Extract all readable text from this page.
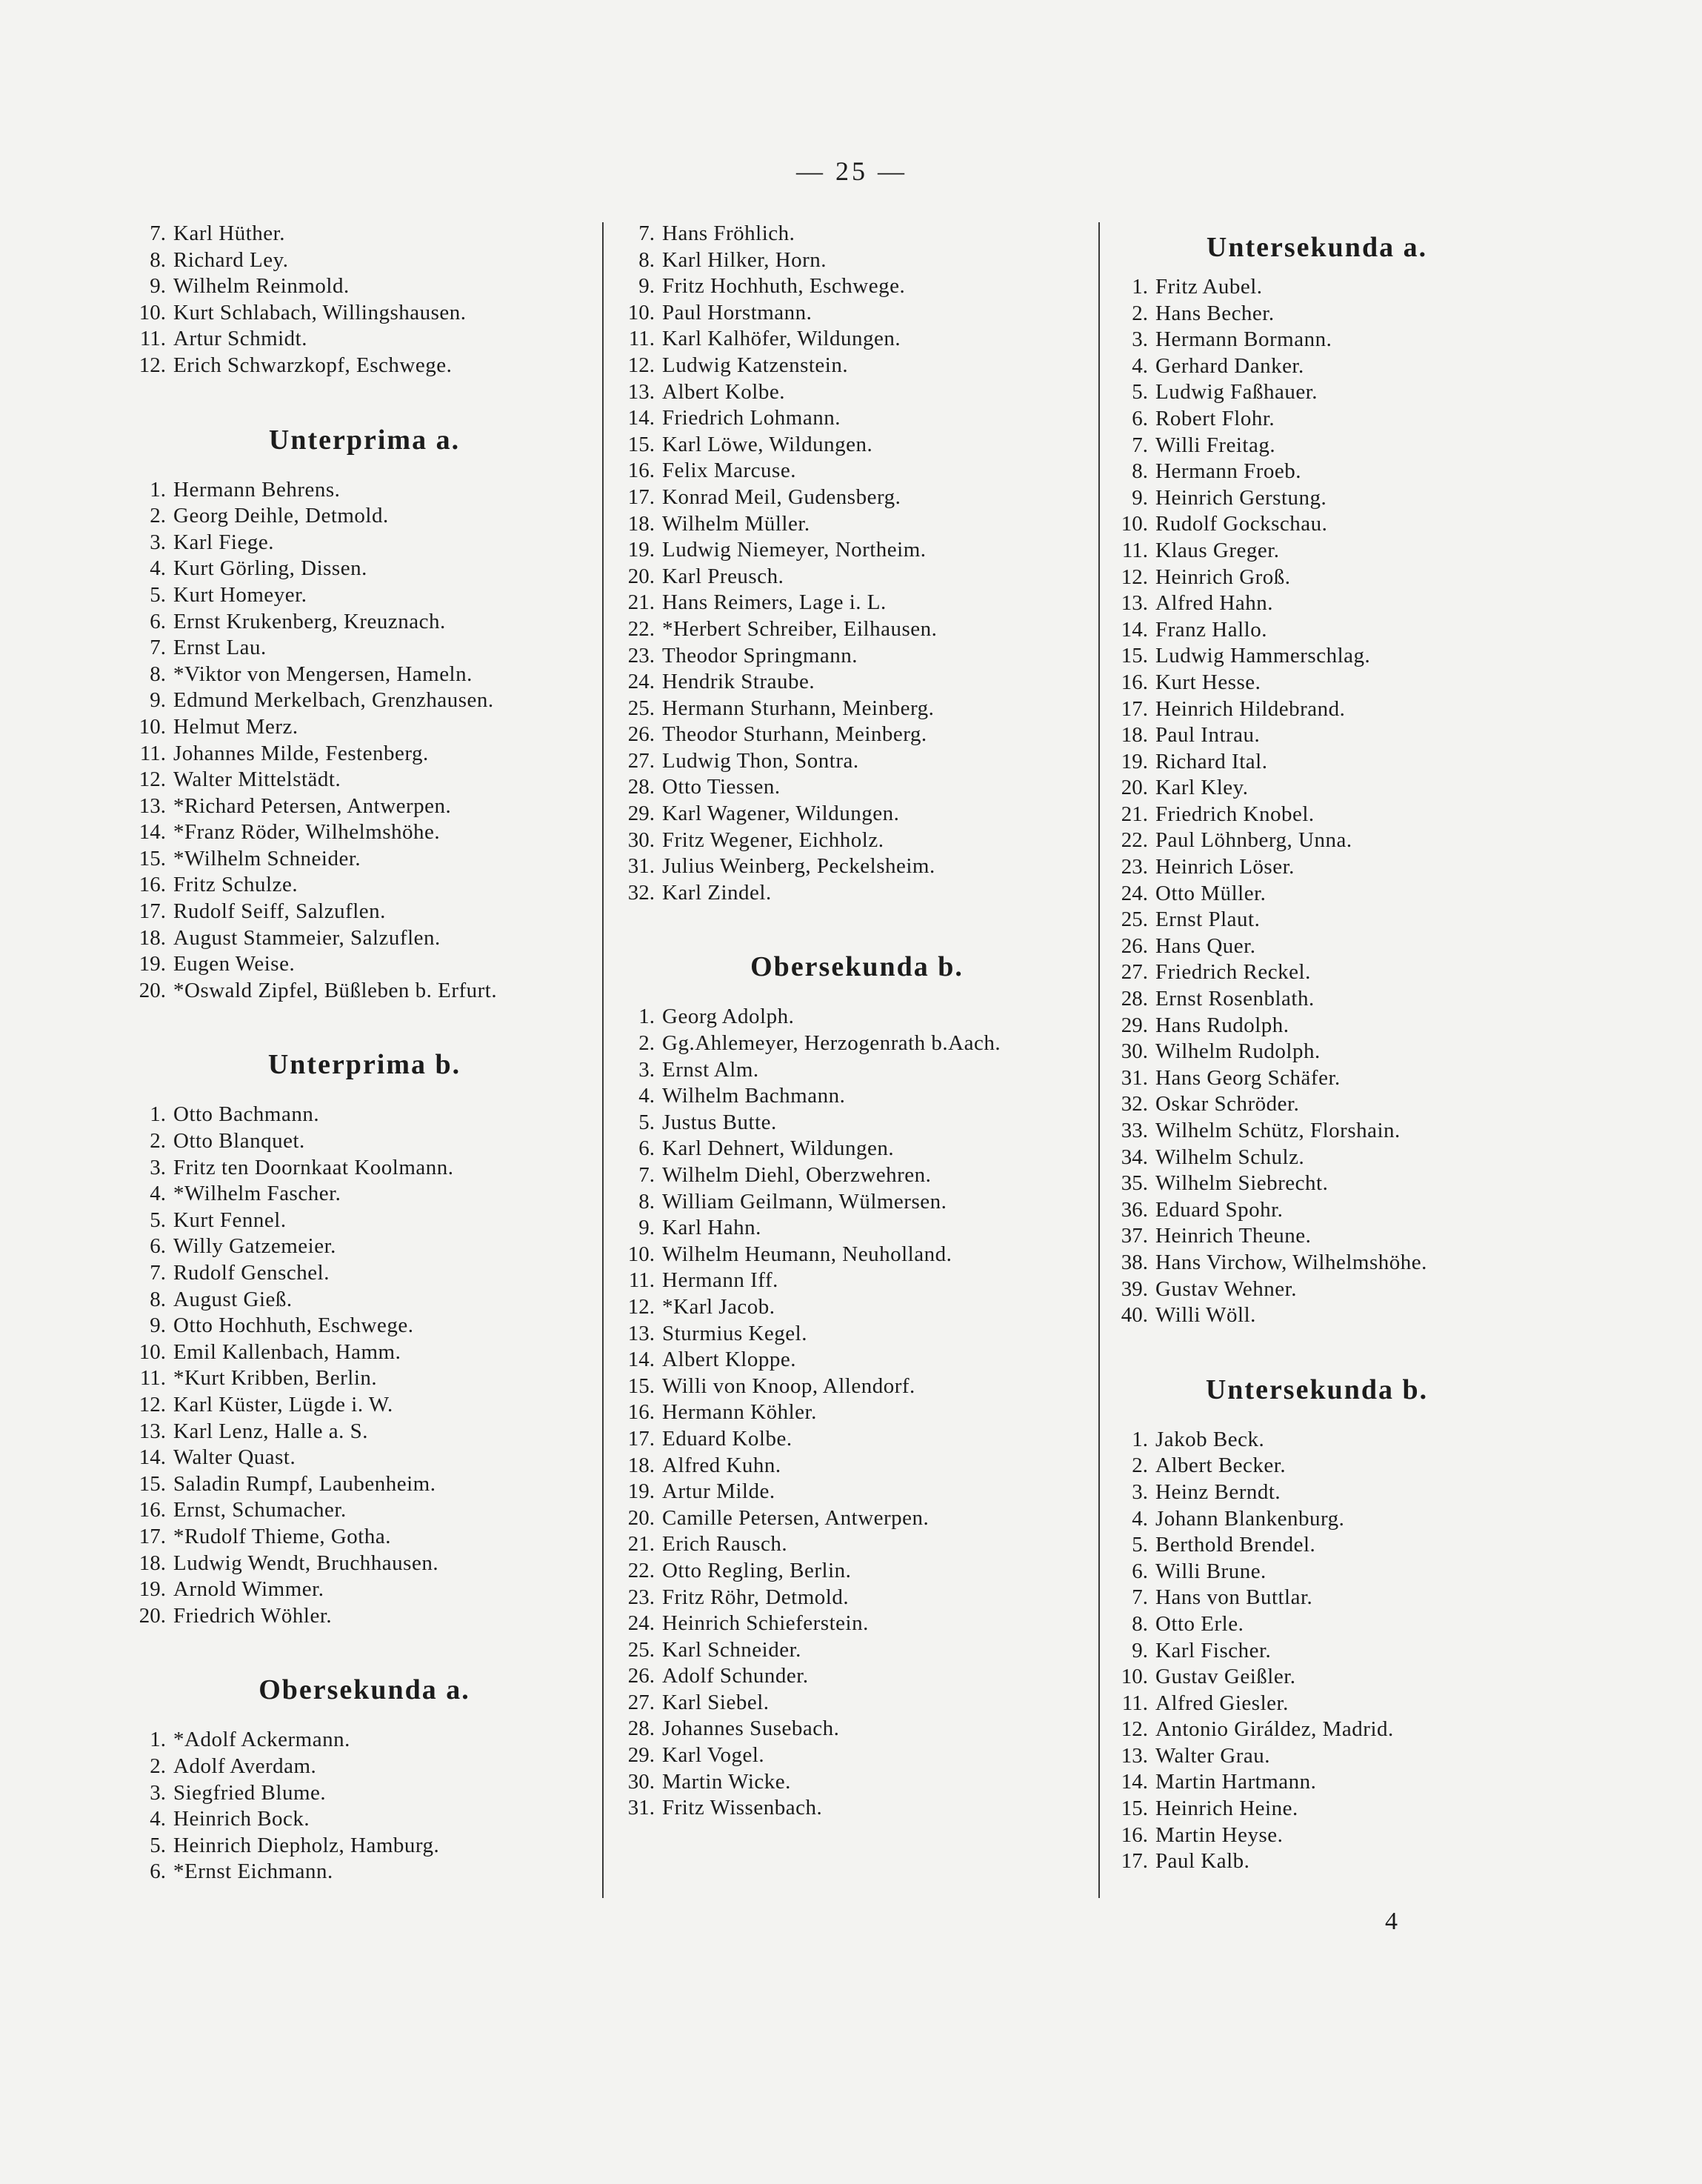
— 25 —
7. Karl Hüther.
8. Richard Ley.
9. Wilhelm Reinmold.
10. Kurt Schlabach, Willingshausen.
11. Artur Schmidt.
12. Erich Schwarzkopf, Eschwege.
Unterprima a.
1. Hermann Behrens.
2. Georg Deihle, Detmold.
3. Karl Fiege.
4. Kurt Görling, Dissen.
5. Kurt Homeyer.
6. Ernst Krukenberg, Kreuznach.
7. Ernst Lau.
8. *Viktor von Mengersen, Hameln.
9. Edmund Merkelbach, Grenzhausen.
10. Helmut Merz.
11. Johannes Milde, Festenberg.
12. Walter Mittelstädt.
13. *Richard Petersen, Antwerpen.
14. *Franz Röder, Wilhelmshöhe.
15. *Wilhelm Schneider.
16. Fritz Schulze.
17. Rudolf Seiff, Salzuflen.
18. August Stammeier, Salzuflen.
19. Eugen Weise.
20. *Oswald Zipfel, Büßleben b. Erfurt.
Unterprima b.
1. Otto Bachmann.
2. Otto Blanquet.
3. Fritz ten Doornkaat Koolmann.
4. *Wilhelm Fascher.
5. Kurt Fennel.
6. Willy Gatzemeier.
7. Rudolf Genschel.
8. August Gieß.
9. Otto Hochhuth, Eschwege.
10. Emil Kallenbach, Hamm.
11. *Kurt Kribben, Berlin.
12. Karl Küster, Lügde i. W.
13. Karl Lenz, Halle a. S.
14. Walter Quast.
15. Saladin Rumpf, Laubenheim.
16. Ernst, Schumacher.
17. *Rudolf Thieme, Gotha.
18. Ludwig Wendt, Bruchhausen.
19. Arnold Wimmer.
20. Friedrich Wöhler.
Obersekunda a.
1. *Adolf Ackermann.
2. Adolf Averdam.
3. Siegfried Blume.
4. Heinrich Bock.
5. Heinrich Diepholz, Hamburg.
6. *Ernst Eichmann.
7. Hans Fröhlich.
8. Karl Hilker, Horn.
9. Fritz Hochhuth, Eschwege.
10. Paul Horstmann.
11. Karl Kalhöfer, Wildungen.
12. Ludwig Katzenstein.
13. Albert Kolbe.
14. Friedrich Lohmann.
15. Karl Löwe, Wildungen.
16. Felix Marcuse.
17. Konrad Meil, Gudensberg.
18. Wilhelm Müller.
19. Ludwig Niemeyer, Northeim.
20. Karl Preusch.
21. Hans Reimers, Lage i. L.
22. *Herbert Schreiber, Eilhausen.
23. Theodor Springmann.
24. Hendrik Straube.
25. Hermann Sturhann, Meinberg.
26. Theodor Sturhann, Meinberg.
27. Ludwig Thon, Sontra.
28. Otto Tiessen.
29. Karl Wagener, Wildungen.
30. Fritz Wegener, Eichholz.
31. Julius Weinberg, Peckelsheim.
32. Karl Zindel.
Obersekunda b.
1. Georg Adolph.
2. Gg.Ahlemeyer, Herzogenrath b.Aach.
3. Ernst Alm.
4. Wilhelm Bachmann.
5. Justus Butte.
6. Karl Dehnert, Wildungen.
7. Wilhelm Diehl, Oberzwehren.
8. William Geilmann, Wülmersen.
9. Karl Hahn.
10. Wilhelm Heumann, Neuholland.
11. Hermann Iff.
12. *Karl Jacob.
13. Sturmius Kegel.
14. Albert Kloppe.
15. Willi von Knoop, Allendorf.
16. Hermann Köhler.
17. Eduard Kolbe.
18. Alfred Kuhn.
19. Artur Milde.
20. Camille Petersen, Antwerpen.
21. Erich Rausch.
22. Otto Regling, Berlin.
23. Fritz Röhr, Detmold.
24. Heinrich Schieferstein.
25. Karl Schneider.
26. Adolf Schunder.
27. Karl Siebel.
28. Johannes Susebach.
29. Karl Vogel.
30. Martin Wicke.
31. Fritz Wissenbach.
Untersekunda a.
1. Fritz Aubel.
2. Hans Becher.
3. Hermann Bormann.
4. Gerhard Danker.
5. Ludwig Faßhauer.
6. Robert Flohr.
7. Willi Freitag.
8. Hermann Froeb.
9. Heinrich Gerstung.
10. Rudolf Gockschau.
11. Klaus Greger.
12. Heinrich Groß.
13. Alfred Hahn.
14. Franz Hallo.
15. Ludwig Hammerschlag.
16. Kurt Hesse.
17. Heinrich Hildebrand.
18. Paul Intrau.
19. Richard Ital.
20. Karl Kley.
21. Friedrich Knobel.
22. Paul Löhnberg, Unna.
23. Heinrich Löser.
24. Otto Müller.
25. Ernst Plaut.
26. Hans Quer.
27. Friedrich Reckel.
28. Ernst Rosenblath.
29. Hans Rudolph.
30. Wilhelm Rudolph.
31. Hans Georg Schäfer.
32. Oskar Schröder.
33. Wilhelm Schütz, Florshain.
34. Wilhelm Schulz.
35. Wilhelm Siebrecht.
36. Eduard Spohr.
37. Heinrich Theune.
38. Hans Virchow, Wilhelmshöhe.
39. Gustav Wehner.
40. Willi Wöll.
Untersekunda b.
1. Jakob Beck.
2. Albert Becker.
3. Heinz Berndt.
4. Johann Blankenburg.
5. Berthold Brendel.
6. Willi Brune.
7. Hans von Buttlar.
8. Otto Erle.
9. Karl Fischer.
10. Gustav Geißler.
11. Alfred Giesler.
12. Antonio Giráldez, Madrid.
13. Walter Grau.
14. Martin Hartmann.
15. Heinrich Heine.
16. Martin Heyse.
17. Paul Kalb.
4
